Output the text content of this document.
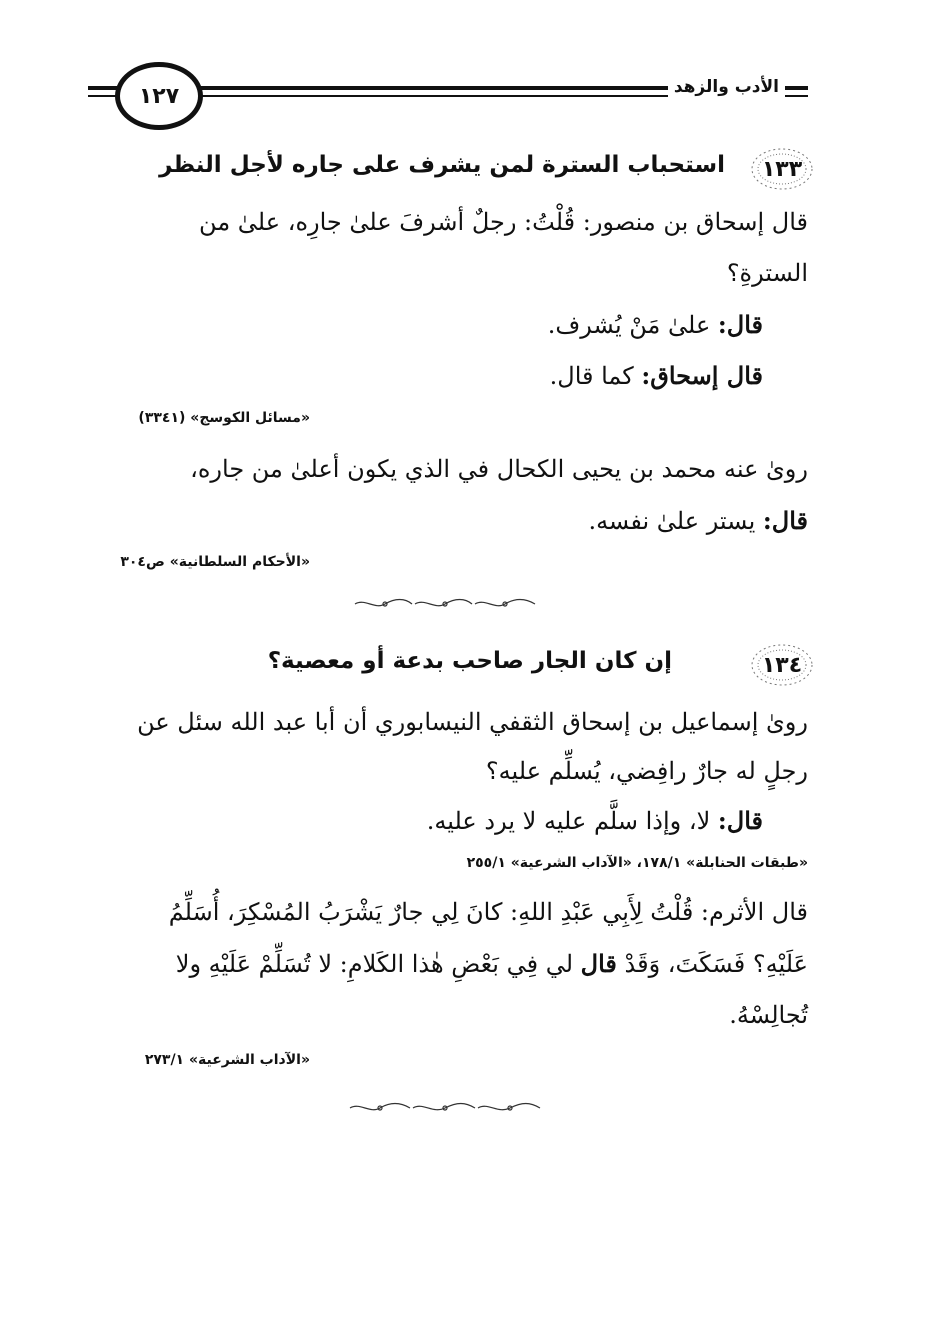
الأدب والزهد
١٢٧
١٣٣
استحباب السترة لمن يشرف على جاره لأجل النظر
قال إسحاق بن منصور: قُلْتُ: رجلٌ أشرفَ علىٰ جارِه، علىٰ من
السترةِ؟
قال: علىٰ مَنْ يُشرف.
قال إسحاق: كما قال.
«مسائل الكوسج» (٣٣٤١)
رویٰ عنه محمد بن يحيى الكحال في الذي يكون أعلىٰ من جاره،
قال: يستر علىٰ نفسه.
«الأحكام السلطانية» ص٣٠٤
١٣٤
إن كان الجار صاحب بدعة أو معصية؟
رویٰ إسماعيل بن إسحاق الثقفي النيسابوري أن أبا عبد الله سئل عن
رجلٍ له جارٌ رافِضي، يُسلِّم عليه؟
قال: لا، وإذا سلَّم عليه لا يرد عليه.
«طبقات الحنابلة» ١٧٨/١، «الآداب الشرعية» ٢٥٥/١
قال الأثرم: قُلْتُ لِأَبِي عَبْدِ اللهِ: كانَ لِي جارٌ يَشْرَبُ المُسْكِرَ، أُسَلِّمُ
عَلَيْهِ؟ فَسَكَتَ، وَقَدْ قال لي فِي بَعْضِ هٰذا الكَلامِ: لا تُسَلِّمْ عَلَيْهِ ولا
تُجالِسْهُ.
«الآداب الشرعية» ٢٧٣/١
